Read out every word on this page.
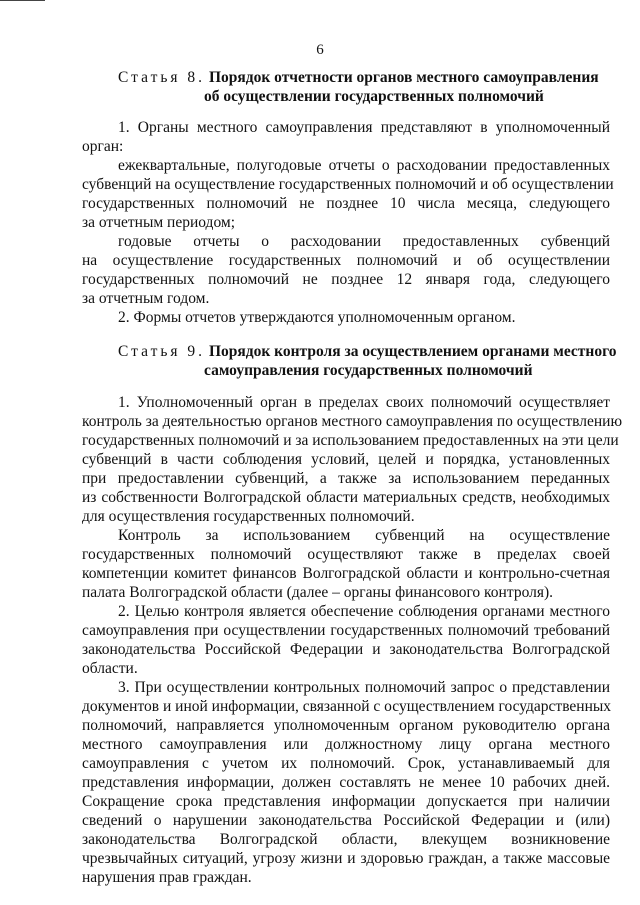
6
Статья 8. Порядок отчетности органов местного самоуправления
об осуществлении государственных полномочий
1. Органы местного самоуправления представляют в уполномоченный
орган:
ежеквартальные, полугодовые отчеты о расходовании предоставленных
субвенций на осуществление государственных полномочий и об осуществлении
государственных полномочий не позднее 10 числа месяца, следующего
за отчетным периодом;
годовые отчеты о расходовании предоставленных субвенций
на осуществление государственных полномочий и об осуществлении
государственных полномочий не позднее 12 января года, следующего
за отчетным годом.
2. Формы отчетов утверждаются уполномоченным органом.
Статья 9. Порядок контроля за осуществлением органами местного
самоуправления государственных полномочий
1. Уполномоченный орган в пределах своих полномочий осуществляет
контроль за деятельностью органов местного самоуправления по осуществлению
государственных полномочий и за использованием предоставленных на эти цели
субвенций в части соблюдения условий, целей и порядка, установленных
при предоставлении субвенций, а также за использованием переданных
из собственности Волгоградской области материальных средств, необходимых
для осуществления государственных полномочий.
Контроль за использованием субвенций на осуществление
государственных полномочий осуществляют также в пределах своей
компетенции комитет финансов Волгоградской области и контрольно-счетная
палата Волгоградской области (далее – органы финансового контроля).
2. Целью контроля является обеспечение соблюдения органами местного
самоуправления при осуществлении государственных полномочий требований
законодательства Российской Федерации и законодательства Волгоградской
области.
3. При осуществлении контрольных полномочий запрос о представлении
документов и иной информации, связанной с осуществлением государственных
полномочий, направляется уполномоченным органом руководителю органа
местного самоуправления или должностному лицу органа местного
самоуправления с учетом их полномочий. Срок, устанавливаемый для
представления информации, должен составлять не менее 10 рабочих дней.
Сокращение срока представления информации допускается при наличии
сведений о нарушении законодательства Российской Федерации и (или)
законодательства Волгоградской области, влекущем возникновение
чрезвычайных ситуаций, угрозу жизни и здоровью граждан, а также массовые
нарушения прав граждан.
